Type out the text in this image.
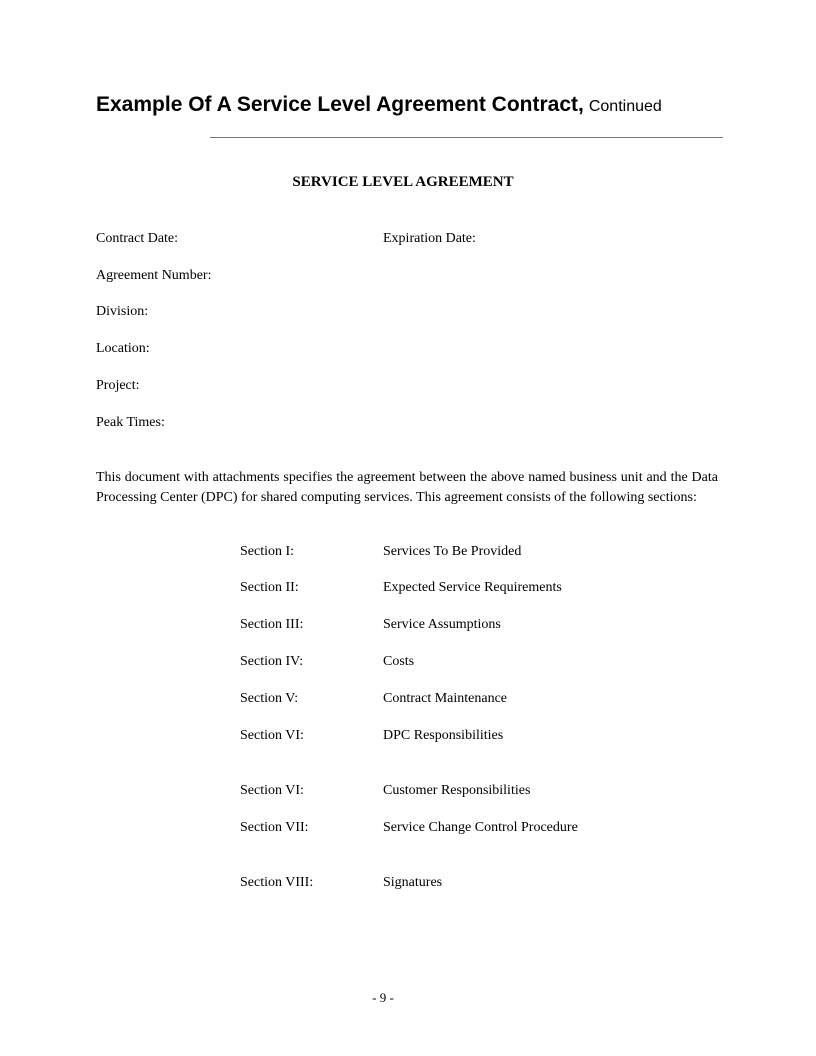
Example Of A Service Level Agreement Contract, Continued
SERVICE LEVEL AGREEMENT
Contract Date:	Expiration Date:
Agreement Number:
Division:
Location:
Project:
Peak Times:

This document with attachments specifies the agreement between the above named business unit and the Data Processing Center (DPC) for shared computing services. This agreement consists of the following sections:

Section I:	Services To Be Provided
Section II:	Expected Service Requirements
Section III:	Service Assumptions
Section IV:	Costs
Section V:	Contract Maintenance
Section VI:	DPC Responsibilities
Section VI:	Customer Responsibilities
Section VII:	Service Change Control Procedure
Section VIII:	Signatures
- 9 -
